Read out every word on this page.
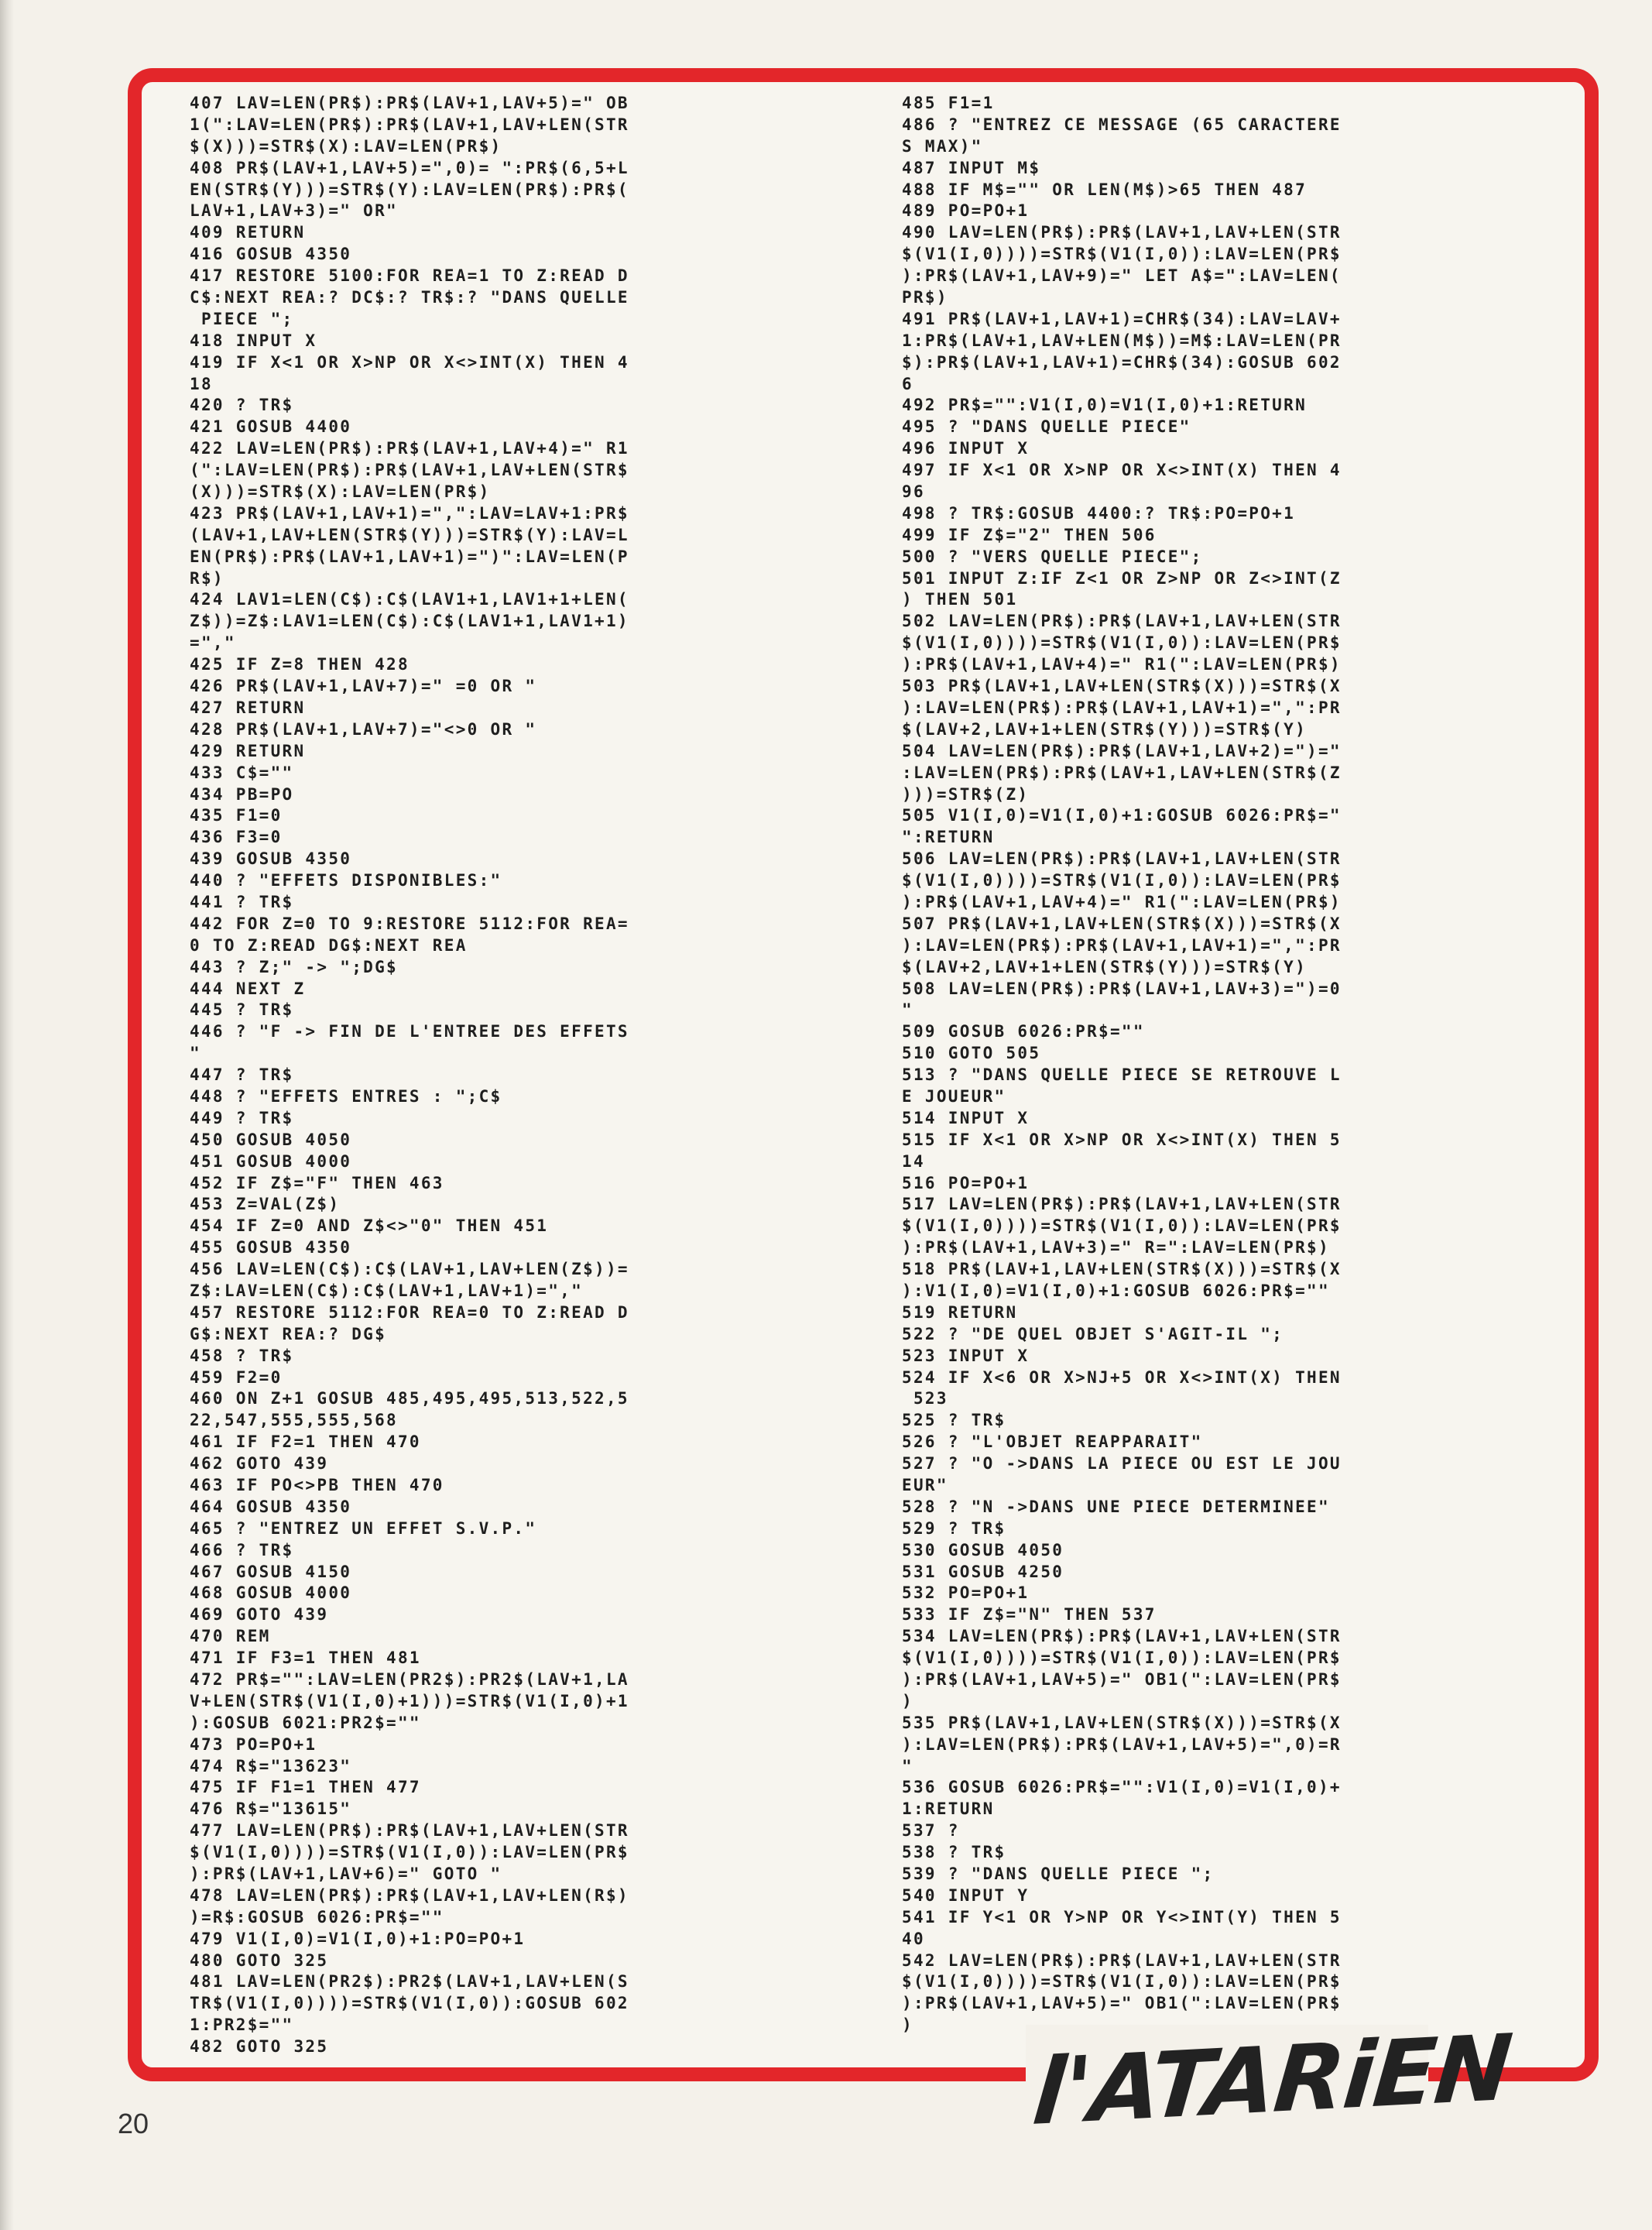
407 LAV=LEN(PR$):PR$(LAV+1,LAV+5)=" OB
1(":LAV=LEN(PR$):PR$(LAV+1,LAV+LEN(STR
$(X)))=STR$(X):LAV=LEN(PR$)
408 PR$(LAV+1,LAV+5)=",0)= ":PR$(6,5+L
EN(STR$(Y)))=STR$(Y):LAV=LEN(PR$):PR$(
LAV+1,LAV+3)=" OR"
409 RETURN
416 GOSUB 4350
417 RESTORE 5100:FOR REA=1 TO Z:READ D
C$:NEXT REA:? DC$:? TR$:? "DANS QUELLE
PIECE ";
418 INPUT X
419 IF X<1 OR X>NP OR X<>INT(X) THEN 4
18
420 ? TR$
421 GOSUB 4400
422 LAV=LEN(PR$):PR$(LAV+1,LAV+4)=" R1
(":LAV=LEN(PR$):PR$(LAV+1,LAV+LEN(STR$
(X)))=STR$(X):LAV=LEN(PR$)
423 PR$(LAV+1,LAV+1)=",":LAV=LAV+1:PR$
(LAV+1,LAV+LEN(STR$(Y)))=STR$(Y):LAV=L
EN(PR$):PR$(LAV+1,LAV+1)=")":LAV=LEN(P
R$)
424 LAV1=LEN(C$):C$(LAV1+1,LAV1+1+LEN(
Z$))=Z$:LAV1=LEN(C$):C$(LAV1+1,LAV1+1)
=","
425 IF Z=8 THEN 428
426 PR$(LAV+1,LAV+7)=" =0 OR "
427 RETURN
428 PR$(LAV+1,LAV+7)="<>0 OR "
429 RETURN
433 C$=""
434 PB=PO
435 F1=0
436 F3=0
439 GOSUB 4350
440 ? "EFFETS DISPONIBLES:"
441 ? TR$
442 FOR Z=0 TO 9:RESTORE 5112:FOR REA=
0 TO Z:READ DG$:NEXT REA
443 ? Z;" -> ";DG$
444 NEXT Z
445 ? TR$
446 ? "F -> FIN DE L'ENTREE DES EFFETS
"
447 ? TR$
448 ? "EFFETS ENTRES : ";C$
449 ? TR$
450 GOSUB 4050
451 GOSUB 4000
452 IF Z$="F" THEN 463
453 Z=VAL(Z$)
454 IF Z=0 AND Z$<>"0" THEN 451
455 GOSUB 4350
456 LAV=LEN(C$):C$(LAV+1,LAV+LEN(Z$))=
Z$:LAV=LEN(C$):C$(LAV+1,LAV+1)=","
457 RESTORE 5112:FOR REA=0 TO Z:READ D
G$:NEXT REA:? DG$
458 ? TR$
459 F2=0
460 ON Z+1 GOSUB 485,495,495,513,522,5
22,547,555,555,568
461 IF F2=1 THEN 470
462 GOTO 439
463 IF PO<>PB THEN 470
464 GOSUB 4350
465 ? "ENTREZ UN EFFET S.V.P."
466 ? TR$
467 GOSUB 4150
468 GOSUB 4000
469 GOTO 439
470 REM
471 IF F3=1 THEN 481
472 PR$="":LAV=LEN(PR2$):PR2$(LAV+1,LA
V+LEN(STR$(V1(I,0)+1)))=STR$(V1(I,0)+1
):GOSUB 6021:PR2$=""
473 PO=PO+1
474 R$="13623"
475 IF F1=1 THEN 477
476 R$="13615"
477 LAV=LEN(PR$):PR$(LAV+1,LAV+LEN(STR
$(V1(I,0))))=STR$(V1(I,0)):LAV=LEN(PR$
):PR$(LAV+1,LAV+6)=" GOTO "
478 LAV=LEN(PR$):PR$(LAV+1,LAV+LEN(R$)
)=R$:GOSUB 6026:PR$=""
479 V1(I,0)=V1(I,0)+1:PO=PO+1
480 GOTO 325
481 LAV=LEN(PR2$):PR2$(LAV+1,LAV+LEN(S
TR$(V1(I,0))))=STR$(V1(I,0)):GOSUB 602
1:PR2$=""
482 GOTO 325
485 F1=1
486 ? "ENTREZ CE MESSAGE (65 CARACTERE
S MAX)"
487 INPUT M$
488 IF M$="" OR LEN(M$)>65 THEN 487
489 PO=PO+1
490 LAV=LEN(PR$):PR$(LAV+1,LAV+LEN(STR
$(V1(I,0))))=STR$(V1(I,0)):LAV=LEN(PR$
):PR$(LAV+1,LAV+9)=" LET A$=":LAV=LEN(
PR$)
491 PR$(LAV+1,LAV+1)=CHR$(34):LAV=LAV+
1:PR$(LAV+1,LAV+LEN(M$))=M$:LAV=LEN(PR
$):PR$(LAV+1,LAV+1)=CHR$(34):GOSUB 602
6
492 PR$="":V1(I,0)=V1(I,0)+1:RETURN
495 ? "DANS QUELLE PIECE"
496 INPUT X
497 IF X<1 OR X>NP OR X<>INT(X) THEN 4
96
498 ? TR$:GOSUB 4400:? TR$:PO=PO+1
499 IF Z$="2" THEN 506
500 ? "VERS QUELLE PIECE";
501 INPUT Z:IF Z<1 OR Z>NP OR Z<>INT(Z
) THEN 501
502 LAV=LEN(PR$):PR$(LAV+1,LAV+LEN(STR
$(V1(I,0))))=STR$(V1(I,0)):LAV=LEN(PR$
):PR$(LAV+1,LAV+4)=" R1(":LAV=LEN(PR$)
503 PR$(LAV+1,LAV+LEN(STR$(X)))=STR$(X
):LAV=LEN(PR$):PR$(LAV+1,LAV+1)=",":PR
$(LAV+2,LAV+1+LEN(STR$(Y)))=STR$(Y)
504 LAV=LEN(PR$):PR$(LAV+1,LAV+2)=")="
:LAV=LEN(PR$):PR$(LAV+1,LAV+LEN(STR$(Z
)))=STR$(Z)
505 V1(I,0)=V1(I,0)+1:GOSUB 6026:PR$="
":RETURN
506 LAV=LEN(PR$):PR$(LAV+1,LAV+LEN(STR
$(V1(I,0))))=STR$(V1(I,0)):LAV=LEN(PR$
):PR$(LAV+1,LAV+4)=" R1(":LAV=LEN(PR$)
507 PR$(LAV+1,LAV+LEN(STR$(X)))=STR$(X
):LAV=LEN(PR$):PR$(LAV+1,LAV+1)=",":PR
$(LAV+2,LAV+1+LEN(STR$(Y)))=STR$(Y)
508 LAV=LEN(PR$):PR$(LAV+1,LAV+3)=")=0
"
509 GOSUB 6026:PR$=""
510 GOTO 505
513 ? "DANS QUELLE PIECE SE RETROUVE L
E JOUEUR"
514 INPUT X
515 IF X<1 OR X>NP OR X<>INT(X) THEN 5
14
516 PO=PO+1
517 LAV=LEN(PR$):PR$(LAV+1,LAV+LEN(STR
$(V1(I,0))))=STR$(V1(I,0)):LAV=LEN(PR$
):PR$(LAV+1,LAV+3)=" R=":LAV=LEN(PR$)
518 PR$(LAV+1,LAV+LEN(STR$(X)))=STR$(X
):V1(I,0)=V1(I,0)+1:GOSUB 6026:PR$=""
519 RETURN
522 ? "DE QUEL OBJET S'AGIT-IL ";
523 INPUT X
524 IF X<6 OR X>NJ+5 OR X<>INT(X) THEN
523
525 ? TR$
526 ? "L'OBJET REAPPARAIT"
527 ? "O ->DANS LA PIECE OU EST LE JOU
EUR"
528 ? "N ->DANS UNE PIECE DETERMINEE"
529 ? TR$
530 GOSUB 4050
531 GOSUB 4250
532 PO=PO+1
533 IF Z$="N" THEN 537
534 LAV=LEN(PR$):PR$(LAV+1,LAV+LEN(STR
$(V1(I,0))))=STR$(V1(I,0)):LAV=LEN(PR$
):PR$(LAV+1,LAV+5)=" OB1(":LAV=LEN(PR$
)
535 PR$(LAV+1,LAV+LEN(STR$(X)))=STR$(X
):LAV=LEN(PR$):PR$(LAV+1,LAV+5)=",0)=R
"
536 GOSUB 6026:PR$="":V1(I,0)=V1(I,0)+
1:RETURN
537 ?
538 ? TR$
539 ? "DANS QUELLE PIECE ";
540 INPUT Y
541 IF Y<1 OR Y>NP OR Y<>INT(Y) THEN 5
40
542 LAV=LEN(PR$):PR$(LAV+1,LAV+LEN(STR
$(V1(I,0))))=STR$(V1(I,0)):LAV=LEN(PR$
):PR$(LAV+1,LAV+5)=" OB1(":LAV=LEN(PR$
)	l'ATARiEN
20
